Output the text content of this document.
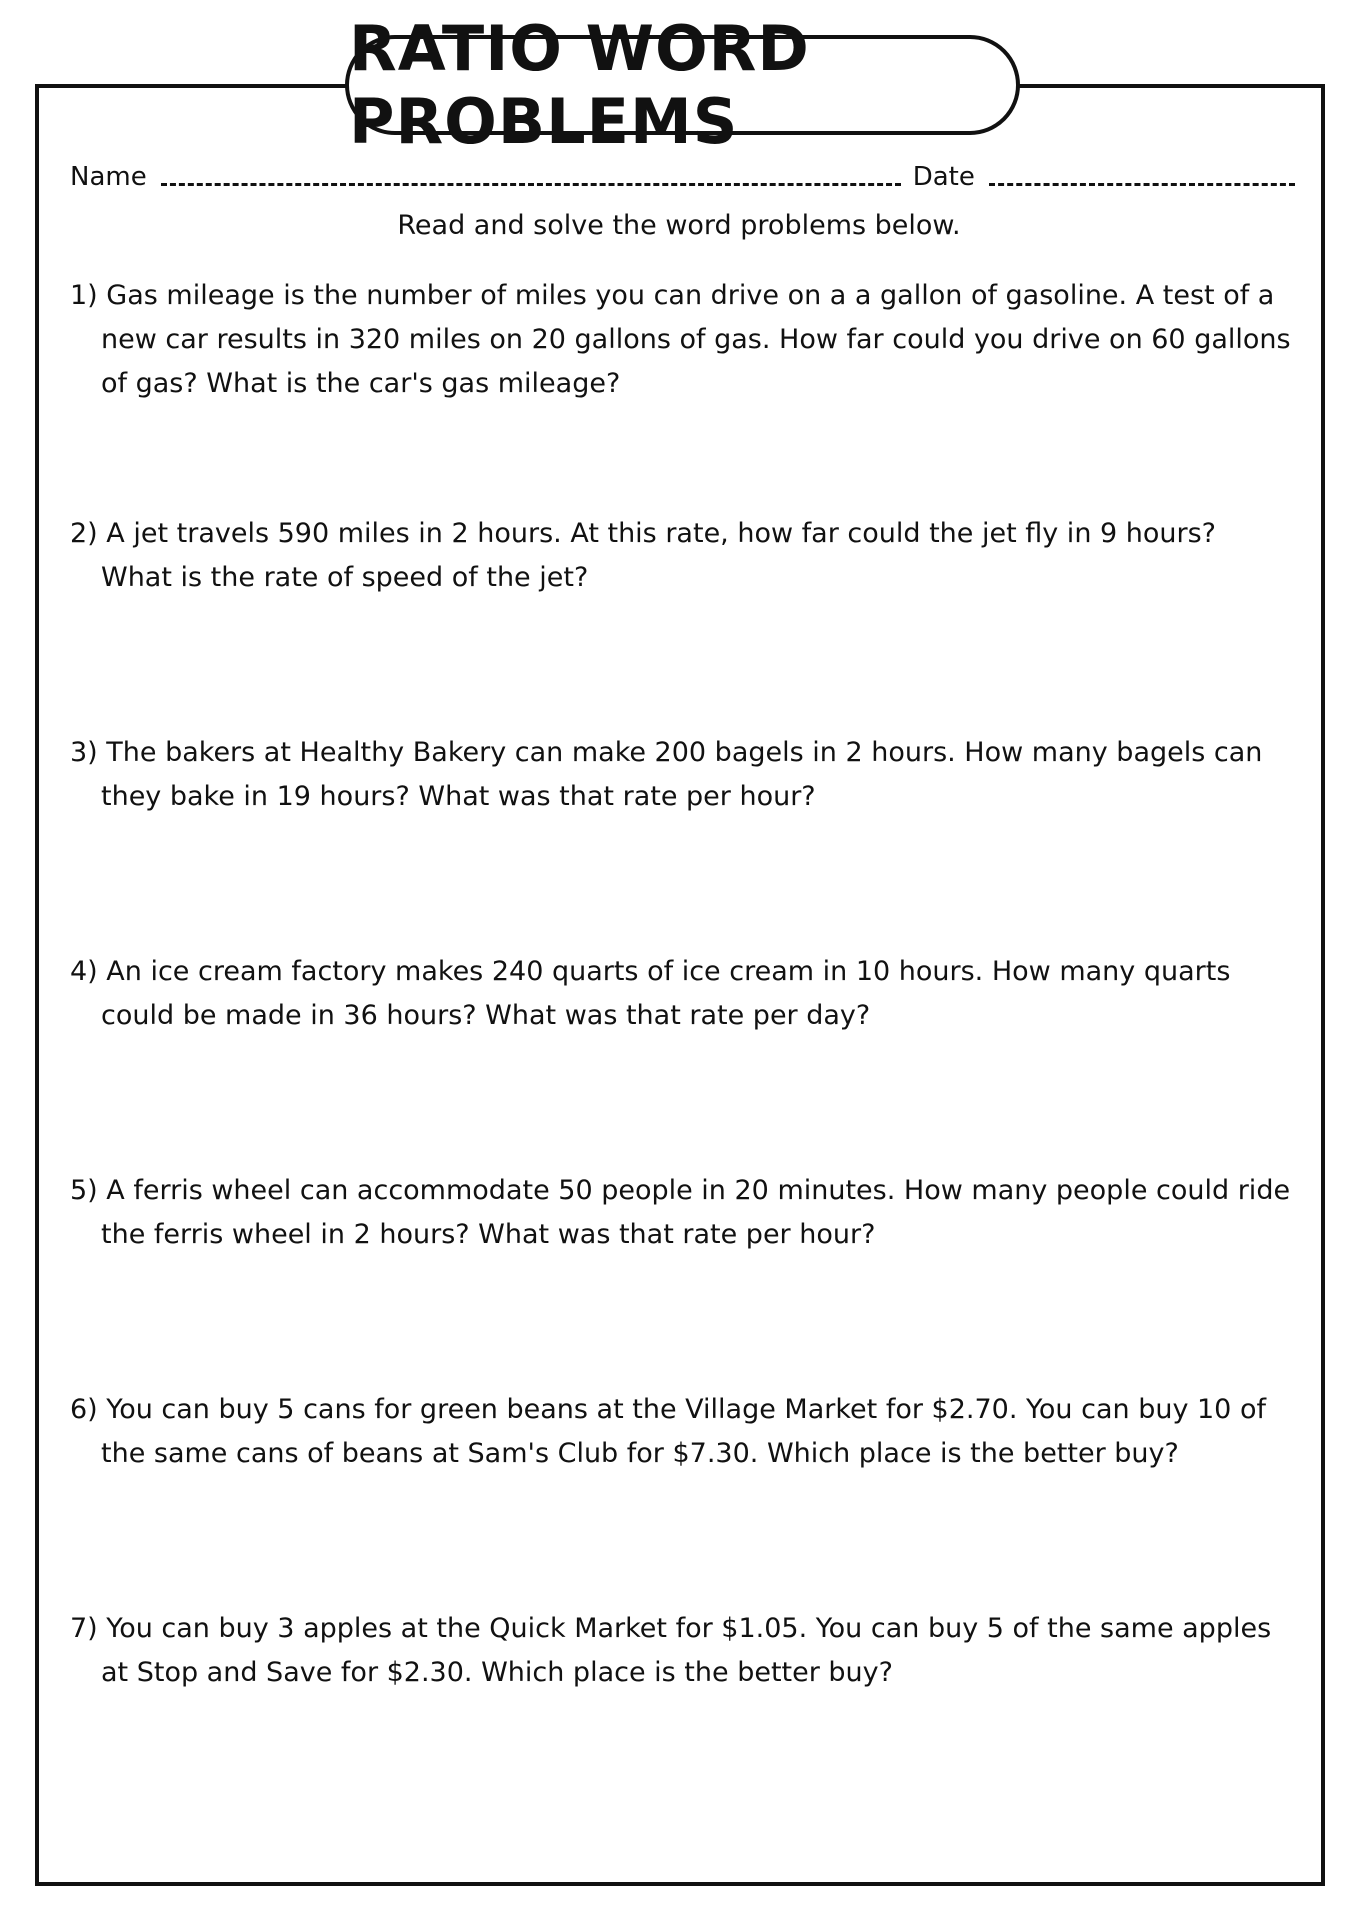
RATIO WORD PROBLEMS
Name	Date
Read and solve the word problems below.
1) Gas mileage is the number of miles you can drive on a a gallon of gasoline. A test of a new car results in 320 miles on 20 gallons of gas. How far could you drive on 60 gallons of gas? What is the car's gas mileage?
2) A jet travels 590 miles in 2 hours. At this rate, how far could the jet fly in 9 hours? What is the rate of speed of the jet?
3) The bakers at Healthy Bakery can make 200 bagels in 2 hours. How many bagels can they bake in 19 hours? What was that rate per hour?
4) An ice cream factory makes 240 quarts of ice cream in 10 hours. How many quarts could be made in 36 hours? What was that rate per day?
5) A ferris wheel can accommodate 50 people in 20 minutes. How many people could ride the ferris wheel in 2 hours? What was that rate per hour?
6) You can buy 5 cans for green beans at the Village Market for $2.70. You can buy 10 of the same cans of beans at Sam's Club for $7.30. Which place is the better buy?
7) You can buy 3 apples at the Quick Market for $1.05. You can buy 5 of the same apples at Stop and Save for $2.30. Which place is the better buy?
